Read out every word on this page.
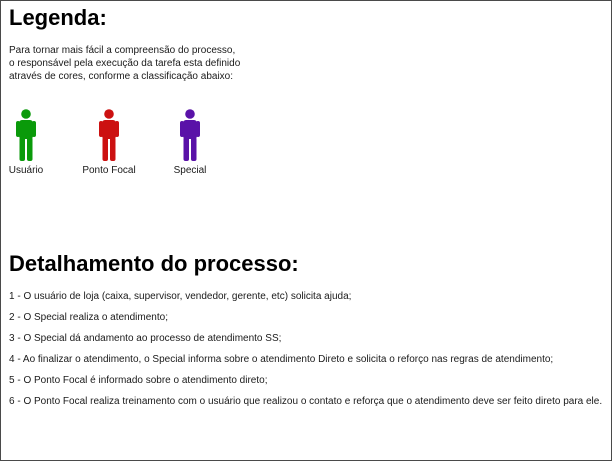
Legenda:
Para tornar mais fácil a compreensão do processo,
o responsável pela execução da tarefa esta definido
através de cores, conforme a classificação abaixo:
Usuário	Ponto Focal	Special
Detalhamento do processo:
1 - O usuário de loja (caixa, supervisor, vendedor, gerente, etc) solicita ajuda;
2 - O Special realiza o atendimento;
3 - O Special dá andamento ao processo de atendimento SS;
4 - Ao finalizar o atendimento, o Special informa sobre o atendimento Direto e solicita o reforço nas regras de atendimento;
5 - O Ponto Focal é informado sobre o atendimento direto;
6 - O Ponto Focal realiza treinamento com o usuário que realizou o contato e reforça que o atendimento deve ser feito direto para ele.
